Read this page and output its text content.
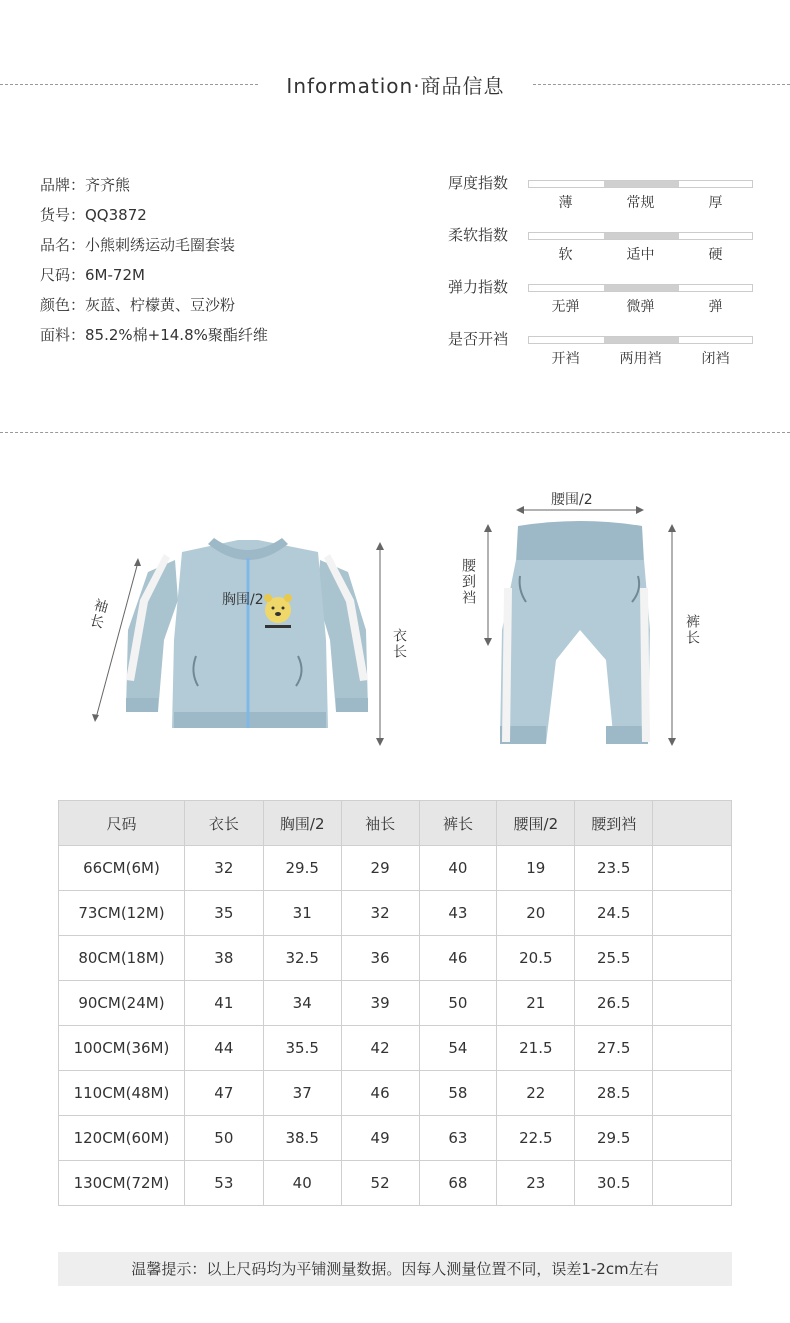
Information·商品信息
品牌：齐齐熊
货号：QQ3872
品名：小熊刺绣运动毛圈套装
尺码：6M-72M
颜色：灰蓝、柠檬黄、豆沙粉
面料：85.2%棉+14.8%聚酯纤维
厚度指数
薄	常规	厚
柔软指数
软	适中	硬
弹力指数
无弹	微弹	弹
是否开裆
开裆	两用裆	闭裆
胸围/2
袖长
衣长
腰围/2
腰到裆
裤长
尺码	衣长	胸围/2	袖长	裤长	腰围/2	腰到裆	
66CM(6M)	32	29.5	29	40	19	23.5	
73CM(12M)	35	31	32	43	20	24.5	
80CM(18M)	38	32.5	36	46	20.5	25.5	
90CM(24M)	41	34	39	50	21	26.5	
100CM(36M)	44	35.5	42	54	21.5	27.5	
110CM(48M)	47	37	46	58	22	28.5	
120CM(60M)	50	38.5	49	63	22.5	29.5	
130CM(72M)	53	40	52	68	23	30.5	
温馨提示：以上尺码均为平铺测量数据。因每人测量位置不同，误差1-2cm左右
